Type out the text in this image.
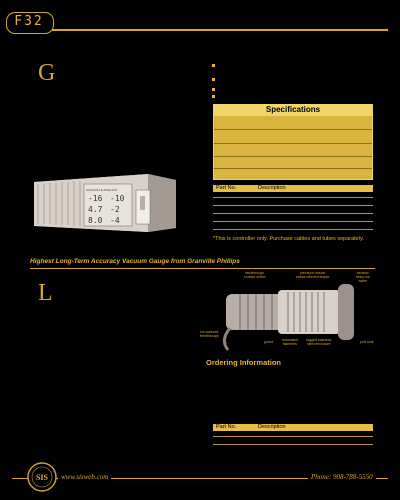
F32
G
Specifications
GRANVILLE-PHILLIPS
-16 -10
4.7 -2
8.0 -4
Part No.	Description
*This is controller only. Purchase cables and tubes separately.
Highest Long-Term Accuracy Vacuum Gauge from Granville Phillips
L
feedthrough
contact shield
precision-wound
stress relieved anode
ceramic
keep-out
wafer
ion collector
feedthrough
guard	redundant
filaments
rugged stainless
steel enclosure	port seal
Ordering Information
Part No.	Description
SIS	www.sisweb.com	Phone: 908-788-5550
